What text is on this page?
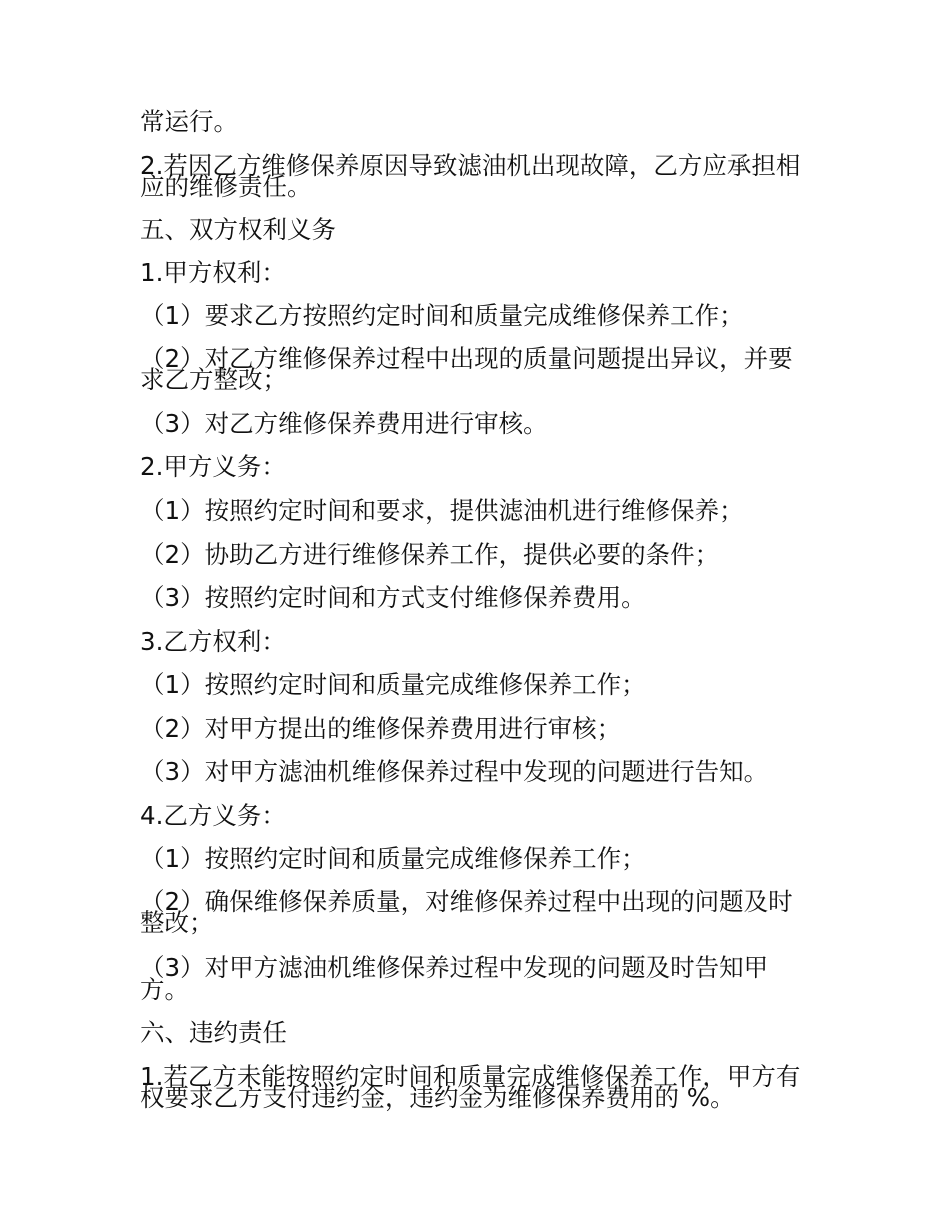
常运行。
2.若因乙方维修保养原因导致滤油机出现故障，乙方应承担相
应的维修责任。
五、双方权利义务
1.甲方权利：
（1）要求乙方按照约定时间和质量完成维修保养工作；
（2）对乙方维修保养过程中出现的质量问题提出异议，并要
求乙方整改；
（3）对乙方维修保养费用进行审核。
2.甲方义务：
（1）按照约定时间和要求，提供滤油机进行维修保养；
（2）协助乙方进行维修保养工作，提供必要的条件；
（3）按照约定时间和方式支付维修保养费用。
3.乙方权利：
（1）按照约定时间和质量完成维修保养工作；
（2）对甲方提出的维修保养费用进行审核；
（3）对甲方滤油机维修保养过程中发现的问题进行告知。
4.乙方义务：
（1）按照约定时间和质量完成维修保养工作；
（2）确保维修保养质量，对维修保养过程中出现的问题及时
整改；
（3）对甲方滤油机维修保养过程中发现的问题及时告知甲
方。
六、违约责任
1.若乙方未能按照约定时间和质量完成维修保养工作，甲方有
权要求乙方支付违约金，违约金为维修保养费用的 %。
